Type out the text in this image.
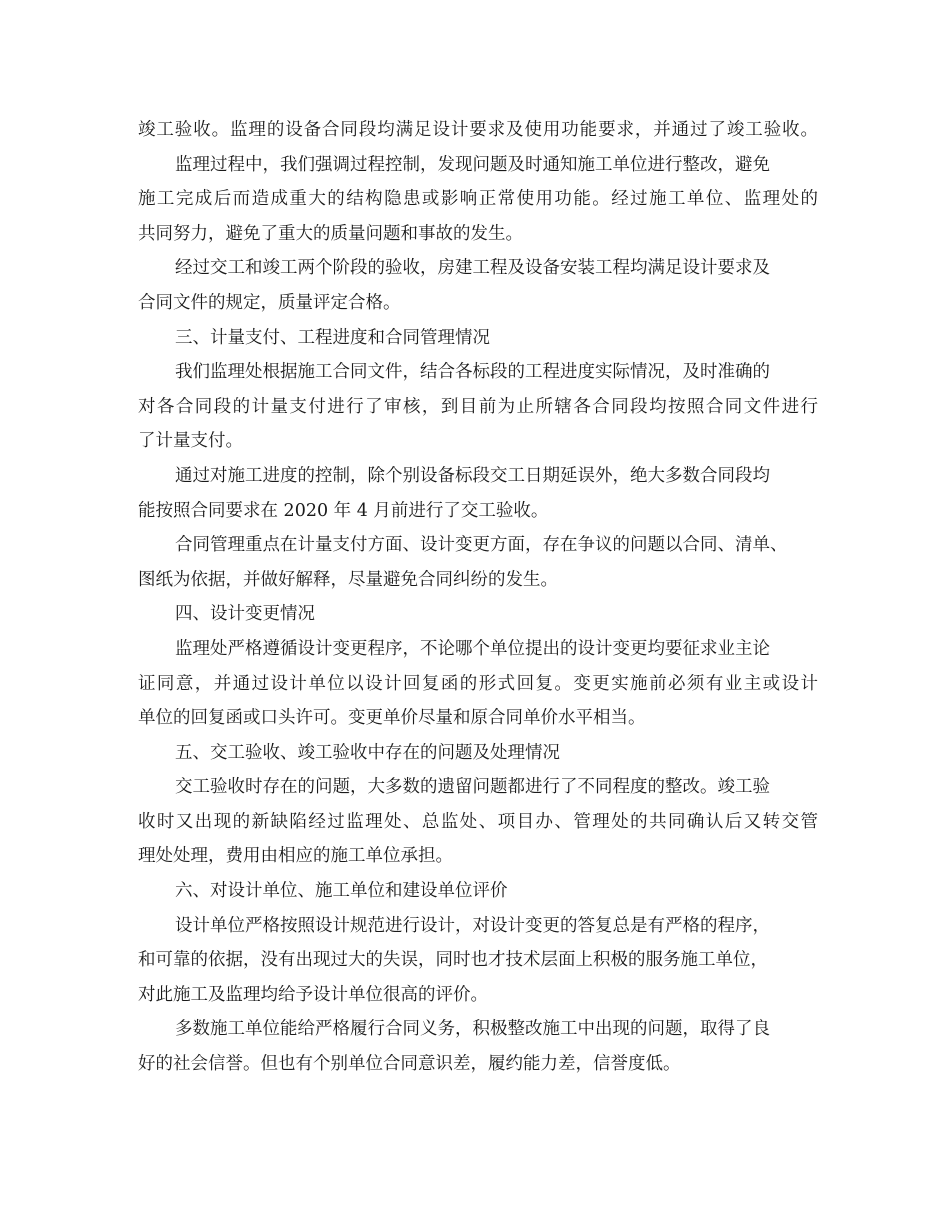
竣工验收。监理的设备合同段均满足设计要求及使用功能要求，并通过了竣工验收。
监理过程中，我们强调过程控制，发现问题及时通知施工单位进行整改，避免
施工完成后而造成重大的结构隐患或影响正常使用功能。经过施工单位、监理处的
共同努力，避免了重大的质量问题和事故的发生。
经过交工和竣工两个阶段的验收，房建工程及设备安装工程均满足设计要求及
合同文件的规定，质量评定合格。
三、计量支付、工程进度和合同管理情况
我们监理处根据施工合同文件，结合各标段的工程进度实际情况，及时准确的
对各合同段的计量支付进行了审核，到目前为止所辖各合同段均按照合同文件进行
了计量支付。
通过对施工进度的控制，除个别设备标段交工日期延误外，绝大多数合同段均
能按照合同要求在 2020 年 4 月前进行了交工验收。
合同管理重点在计量支付方面、设计变更方面，存在争议的问题以合同、清单、
图纸为依据，并做好解释，尽量避免合同纠纷的发生。
四、设计变更情况
监理处严格遵循设计变更程序，不论哪个单位提出的设计变更均要征求业主论
证同意，并通过设计单位以设计回复函的形式回复。变更实施前必须有业主或设计
单位的回复函或口头许可。变更单价尽量和原合同单价水平相当。
五、交工验收、竣工验收中存在的问题及处理情况
交工验收时存在的问题，大多数的遗留问题都进行了不同程度的整改。竣工验
收时又出现的新缺陷经过监理处、总监处、项目办、管理处的共同确认后又转交管
理处处理，费用由相应的施工单位承担。
六、对设计单位、施工单位和建设单位评价
设计单位严格按照设计规范进行设计，对设计变更的答复总是有严格的程序，
和可靠的依据，没有出现过大的失误，同时也才技术层面上积极的服务施工单位，
对此施工及监理均给予设计单位很高的评价。
多数施工单位能给严格履行合同义务，积极整改施工中出现的问题，取得了良
好的社会信誉。但也有个别单位合同意识差，履约能力差，信誉度低。
